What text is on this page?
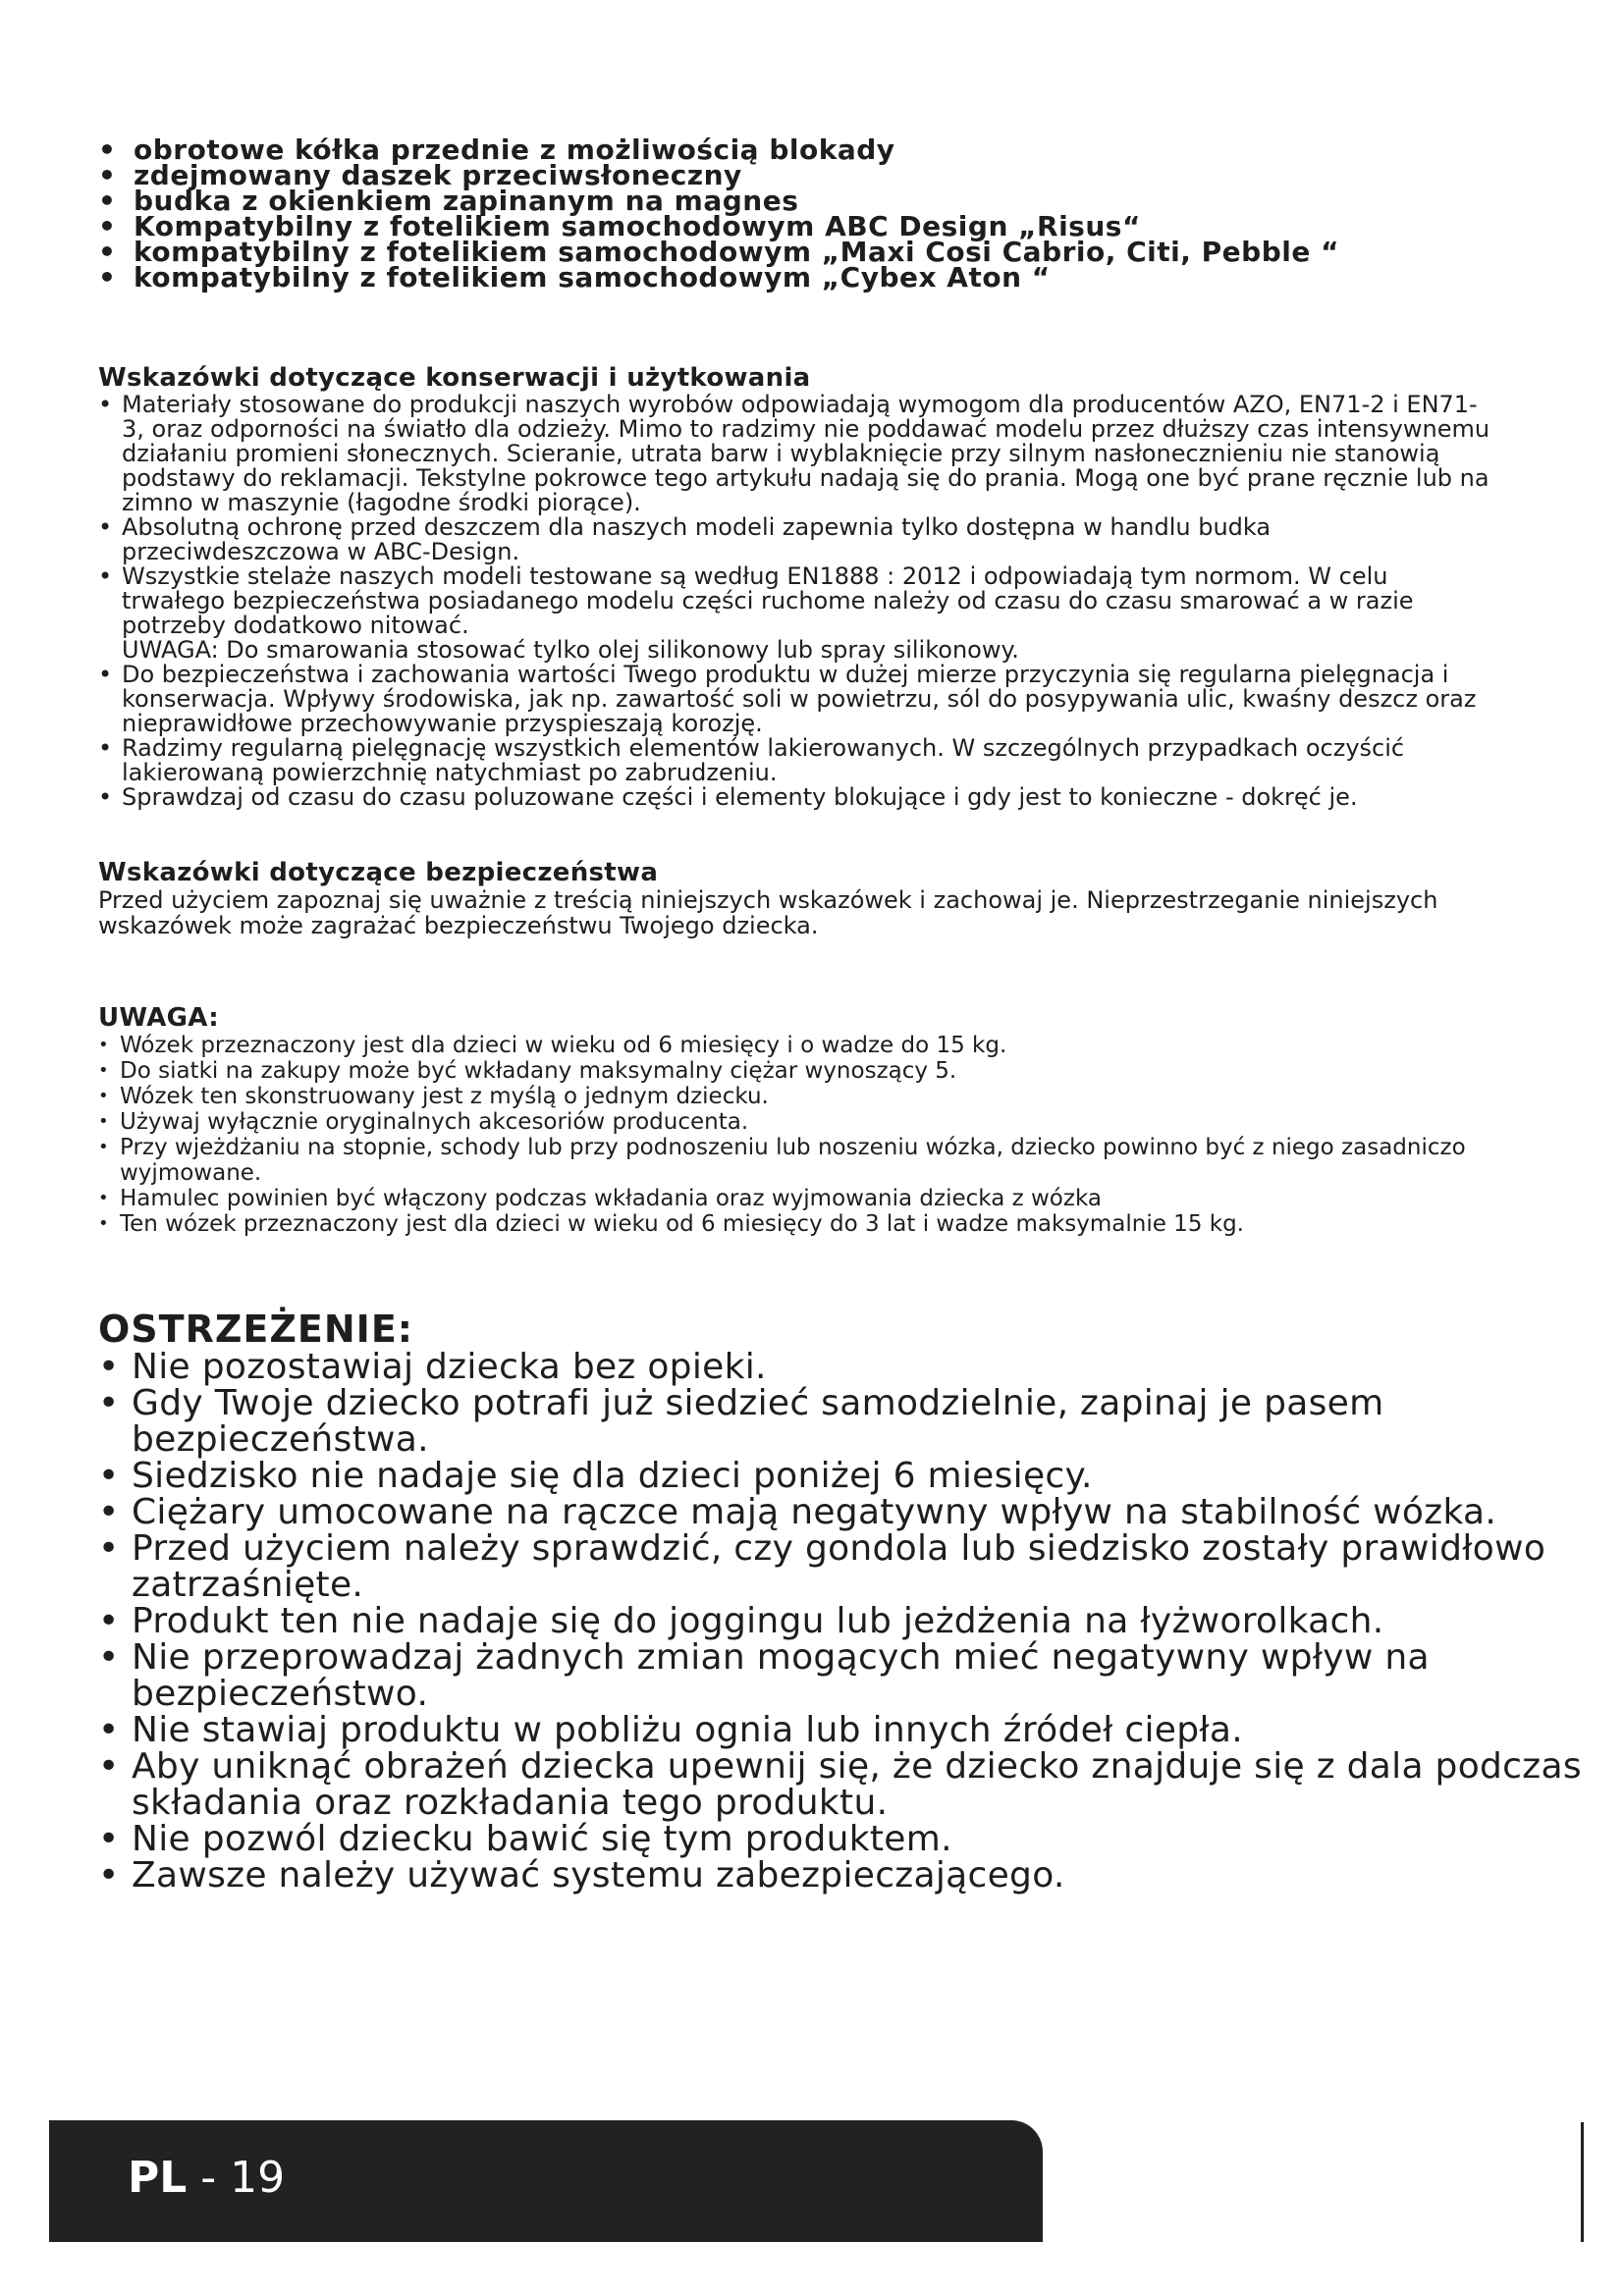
• obrotowe kółka przednie z możliwością blokady
• zdejmowany daszek przeciwsłoneczny
• budka z okienkiem zapinanym na magnes
• Kompatybilny z fotelikiem samochodowym ABC Design „Risus“
• kompatybilny z fotelikiem samochodowym „Maxi Cosi Cabrio, Citi, Pebble “
• kompatybilny z fotelikiem samochodowym „Cybex Aton “
Wskazówki dotyczące konserwacji i użytkowania
• Materiały stosowane do produkcji naszych wyrobów odpowiadają wymogom dla producentów AZO, EN71-2 i EN71-3, oraz odporności na światło dla odzieży. Mimo to radzimy nie poddawać modelu przez dłuższy czas intensywnemu działaniu promieni słonecznych. Scieranie, utrata barw i wyblaknięcie przy silnym nasłonecznieniu nie stanowią podstawy do reklamacji. Tekstylne pokrowce tego artykułu nadają się do prania. Mogą one być prane ręcznie lub na zimno w maszynie (łagodne środki piorące).
• Absolutną ochronę przed deszczem dla naszych modeli zapewnia tylko dostępna w handlu budka przeciwdeszczowa w ABC-Design.
• Wszystkie stelaże naszych modeli testowane są według EN1888 : 2012 i odpowiadają tym normom. W celu trwałego bezpieczeństwa posiadanego modelu części ruchome należy od czasu do czasu smarować a w razie potrzeby dodatkowo nitować.
UWAGA: Do smarowania stosować tylko olej silikonowy lub spray silikonowy.
• Do bezpieczeństwa i zachowania wartości Twego produktu w dużej mierze przyczynia się regularna pielęgnacja i konserwacja. Wpływy środowiska, jak np. zawartość soli w powietrzu, sól do posypywania ulic, kwaśny deszcz oraz nieprawidłowe przechowywanie przyspieszają korozję.
• Radzimy regularną pielęgnację wszystkich elementów lakierowanych. W szczególnych przypadkach oczyścić lakierowaną powierzchnię natychmiast po zabrudzeniu.
• Sprawdzaj od czasu do czasu poluzowane części i elementy blokujące i gdy jest to konieczne - dokręć je.
Wskazówki dotyczące bezpieczeństwa
Przed użyciem zapoznaj się uważnie z treścią niniejszych wskazówek i zachowaj je. Nieprzestrzeganie niniejszych wskazówek może zagrażać bezpieczeństwu Twojego dziecka.
UWAGA:
• Wózek przeznaczony jest dla dzieci w wieku od 6 miesięcy i o wadze do 15 kg.
• Do siatki na zakupy może być wkładany maksymalny ciężar wynoszący 5.
• Wózek ten skonstruowany jest z myślą o jednym dziecku.
• Używaj wyłącznie oryginalnych akcesoriów producenta.
• Przy wjeżdżaniu na stopnie, schody lub przy podnoszeniu lub noszeniu wózka, dziecko powinno być z niego zasadniczo wyjmowane.
• Hamulec powinien być włączony podczas wkładania oraz wyjmowania dziecka z wózka
• Ten wózek przeznaczony jest dla dzieci w wieku od 6 miesięcy do 3 lat i wadze maksymalnie 15 kg.
OSTRZEŻENIE:
• Nie pozostawiaj dziecka bez opieki.
• Gdy Twoje dziecko potrafi już siedzieć samodzielnie, zapinaj je pasem bezpieczeństwa.
• Siedzisko nie nadaje się dla dzieci poniżej 6 miesięcy.
• Ciężary umocowane na rączce mają negatywny wpływ na stabilność wózka.
• Przed użyciem należy sprawdzić, czy gondola lub siedzisko zostały prawidłowo zatrzaśnięte.
• Produkt ten nie nadaje się do joggingu lub jeżdżenia na łyżworolkach.
• Nie przeprowadzaj żadnych zmian mogących mieć negatywny wpływ na bezpieczeństwo.
• Nie stawiaj produktu w pobliżu ognia lub innych źródeł ciepła.
• Aby uniknąć obrażeń dziecka upewnij się, że dziecko znajduje się z dala podczas składania oraz rozkładania tego produktu.
• Nie pozwól dziecku bawić się tym produktem.
• Zawsze należy używać systemu zabezpieczającego.
PL - 19
